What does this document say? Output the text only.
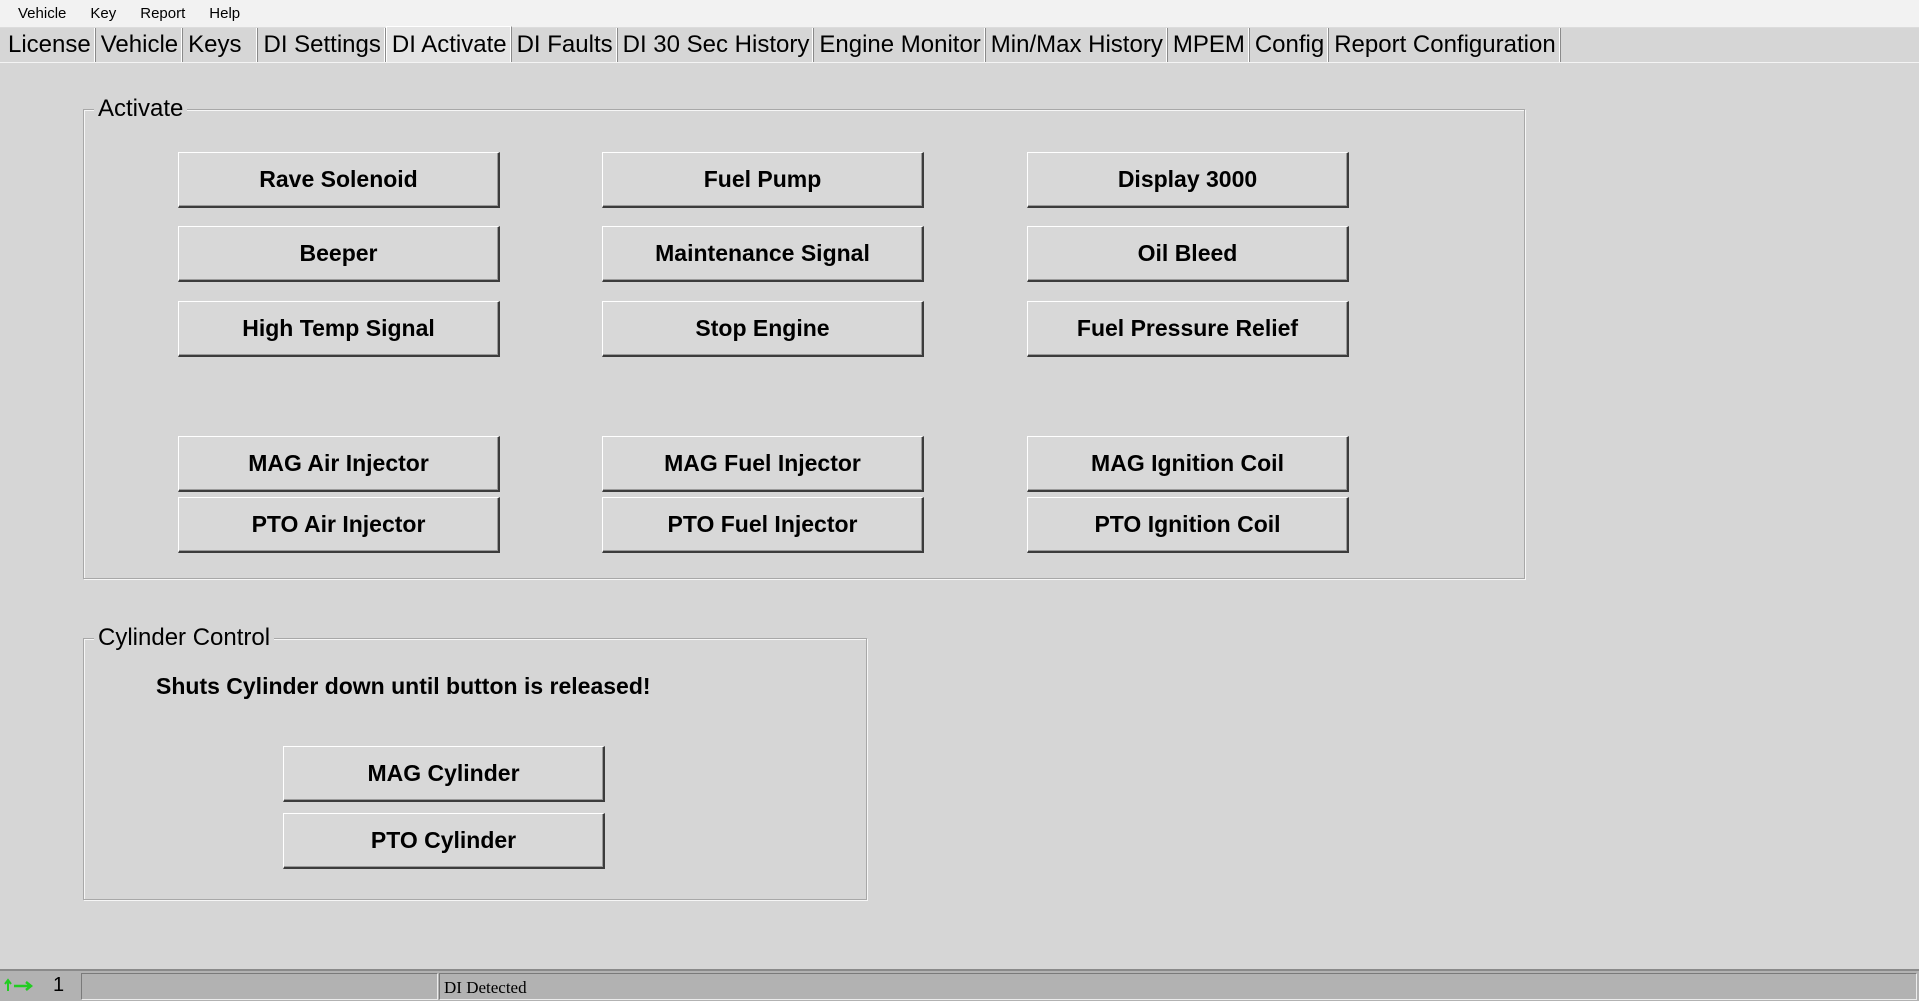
Vehicle	Key	Report	Help
License Vehicle Keys DI Settings DI Activate DI Faults DI 30 Sec History Engine Monitor Min/Max History MPEM Config Report Configuration
Activate
Rave Solenoid	Fuel Pump	Display 3000
Beeper	Maintenance Signal	Oil Bleed
High Temp Signal	Stop Engine	Fuel Pressure Relief
MAG Air Injector	MAG Fuel Injector	MAG Ignition Coil
PTO Air Injector	PTO Fuel Injector	PTO Ignition Coil
Cylinder Control
Shuts Cylinder down until button is released!
MAG Cylinder
PTO Cylinder
1	DI Detected
